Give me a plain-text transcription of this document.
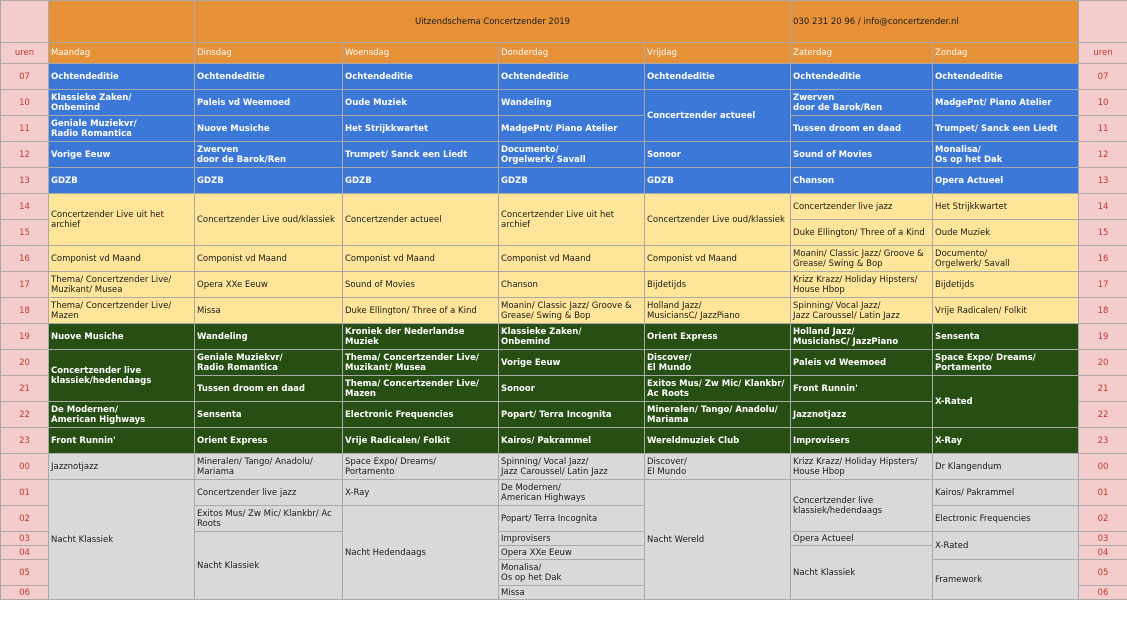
		Uitzendschema Concertzender 2019				030 231 20 96 / info@concertzender.nl		
uren	Maandag	Dinsdag	Woensdag	Donderdag	Vrijdag	Zaterdag	Zondag	uren
07	Ochtendeditie	Ochtendeditie	Ochtendeditie	Ochtendeditie	Ochtendeditie	Ochtendeditie	Ochtendeditie	07
10	Klassieke Zaken/
Onbemind	Paleis vd Weemoed	Oude Muziek	Wandeling	Concertzender actueel	Zwerven
door de Barok/Ren	MadgePnt/ Piano Atelier	10
11	Geniale Muziekvr/
Radio Romantica	Nuove Musiche	Het Strijkkwartet	MadgePnt/ Piano Atelier		Tussen droom en daad	Trumpet/ Sanck een Liedt	11
12	Vorige Eeuw	Zwerven
door de Barok/Ren	Trumpet/ Sanck een Liedt	Documento/
Orgelwerk/ Savall	Sonoor	Sound of Movies	Monalisa/
Os op het Dak	12
13	GDZB	GDZB	GDZB	GDZB	GDZB	Chanson	Opera Actueel	13
14	Concertzender Live uit het archief	Concertzender Live oud/klassiek	Concertzender actueel	Concertzender Live uit het archief	Concertzender Live oud/klassiek	Concertzender live jazz	Het Strijkkwartet	14
15						Duke Ellington/ Three of a Kind	Oude Muziek	15
16	Componist vd Maand	Componist vd Maand	Componist vd Maand	Componist vd Maand	Componist vd Maand	Moanin/ Classic Jazz/ Groove & Grease/ Swing & Bop	Documento/
Orgelwerk/ Savall	16
17	Thema/ Concertzender Live/ Muzikant/ Musea	Opera XXe Eeuw	Sound of Movies	Chanson	Bijdetijds	Krizz Krazz/ Holiday Hipsters/ House Hbop	Bijdetijds	17
18	Thema/ Concertzender Live/ Mazen	Missa	Duke Ellington/ Three of a Kind	Moanin/ Classic Jazz/ Groove & Grease/ Swing & Bop	Holland Jazz/
MusiciansC/ JazzPiano	Spinning/ Vocal Jazz/
Jazz Caroussel/ Latin Jazz	Vrije Radicalen/ Folkit	18
19	Nuove Musiche	Wandeling	Kroniek der Nederlandse Muziek	Klassieke Zaken/
Onbemind	Orient Express	Holland Jazz/
MusiciansC/ JazzPiano	Sensenta	19
20	Concertzender live klassiek/hedendaags	Geniale Muziekvr/
Radio Romantica	Thema/ Concertzender Live/ Muzikant/ Musea	Vorige Eeuw	Discover/
El Mundo	Paleis vd Weemoed	Space Expo/ Dreams/
Portamento	20
21		Tussen droom en daad	Thema/ Concertzender Live/ Mazen	Sonoor	Exitos Mus/ Zw Mic/ Klankbr/ Ac Roots	Front Runnin'	X-Rated	21
22	De Modernen/
American Highways	Sensenta	Electronic Frequencies	Popart/ Terra Incognita	Mineralen/ Tango/ Anadolu/ Mariama	Jazznotjazz		22
23	Front Runnin'	Orient Express	Vrije Radicalen/ Folkit	Kairos/ Pakrammel	Wereldmuziek Club	Improvisers	X-Ray	23
00	Jazznotjazz	Mineralen/ Tango/ Anadolu/ Mariama	Space Expo/ Dreams/
Portamento	Spinning/ Vocal Jazz/
Jazz Caroussel/ Latin Jazz	Discover/
El Mundo	Krizz Krazz/ Holiday Hipsters/ House Hbop	Dr Klangendum	00
01	Nacht Klassiek	Concertzender live jazz	X-Ray	De Modernen/
American Highways	Nacht Wereld	Concertzender live klassiek/hedendaags	Kairos/ Pakrammel	01
02		Exitos Mus/ Zw Mic/ Klankbr/ Ac Roots	Nacht Hedendaags	Popart/ Terra Incognita			Electronic Frequencies	02
03		Nacht Klassiek		Improvisers		Opera Actueel	X-Rated	03
04				Opera XXe Eeuw		Nacht Klassiek		04
05				Monalisa/
Os op het Dak			Framework	05
06				Missa				06
